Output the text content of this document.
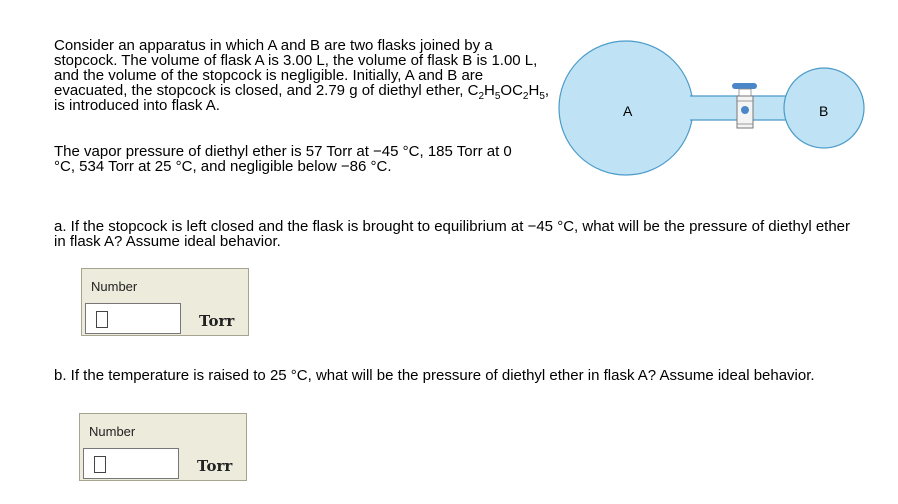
Consider an apparatus in which A and B are two flasks joined by a stopcock. The volume of flask A is 3.00 L, the volume of flask B is 1.00 L, and the volume of the stopcock is negligible. Initially, A and B are evacuated, the stopcock is closed, and 2.79 g of diethyl ether, $C_2H_5OC_2H_5$, is introduced into flask A.

The vapor pressure of diethyl ether is 57 Torr at −45 °C, 185 Torr at 0 °C, 534 Torr at 25 °C, and negligible below −86 °C.

A	B

a. If the stopcock is left closed and the flask is brought to equilibrium at −45 °C, what will be the pressure of diethyl ether in flask A? Assume ideal behavior.

Number
Torr

b. If the temperature is raised to 25 °C, what will be the pressure of diethyl ether in flask A? Assume ideal behavior.

Number
Torr
